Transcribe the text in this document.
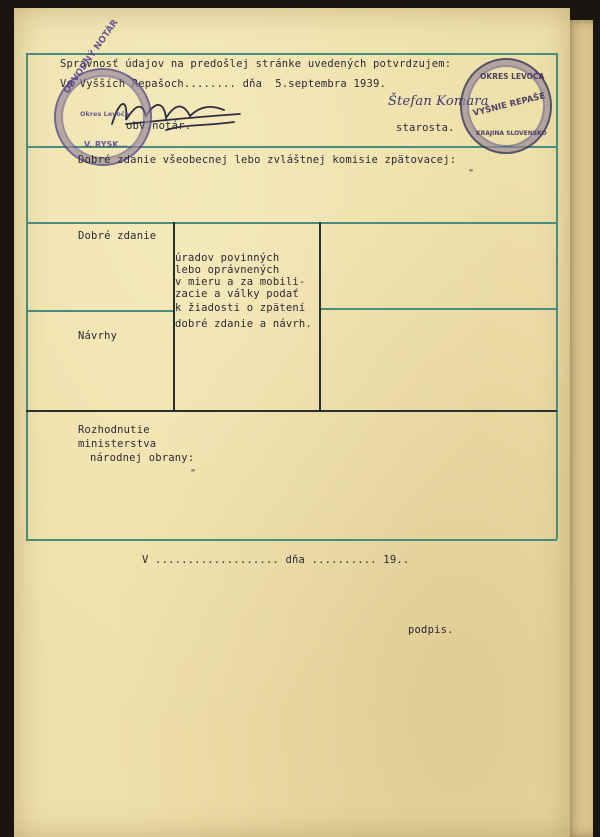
Správnosť údajov na predošlej stránke uvedených potvrdzujem:
Vo Vyšších Repašoch........ dňa  5.septembra 1939.
obv.notár.	starosta.
Štefan Komara
OBVODNÝ NOTÁR
Okres Levoča
V. RYSK...
OKRES LEVOČA
VYŠNIE REPAŠE
KRAJINA SLOVENSKO
Dobré zdanie všeobecnej lebo zvláštnej komisie zpätovacej:
"
Dobré zdanie
Návrhy
úradov povinných
lebo oprávnených
v mieru a za mobili-
zacie a války podať
k žiadosti o zpätení
dobré zdanie a návrh.
Rozhodnutie
ministerstva
národnej obrany:
"
V ................... dňa .......... 19..
podpis.
